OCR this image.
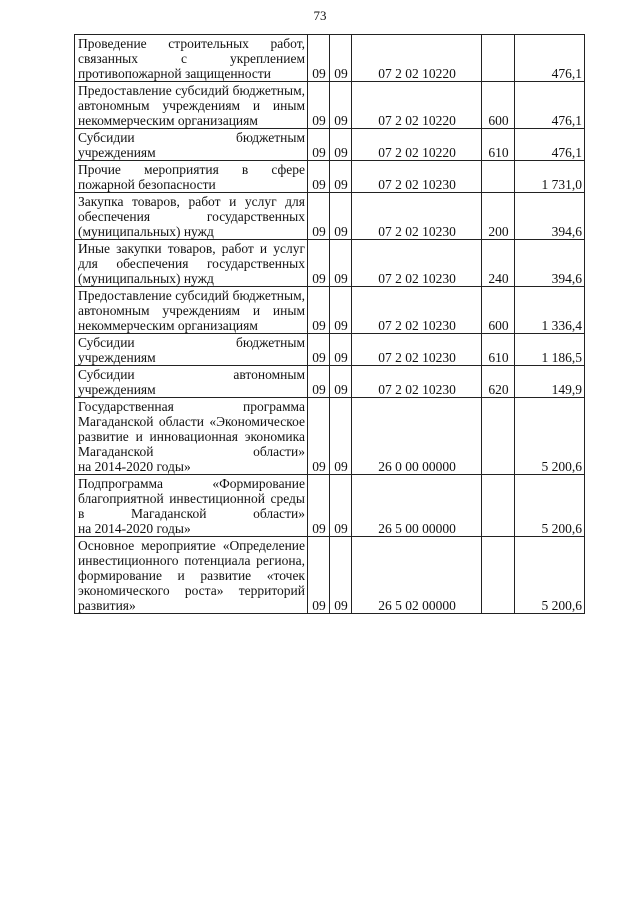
73
Проведение строительных работ, связанных с укреплением
противопожарной защищенности	09	09	07 2 02 10220		476,1
Предоставление субсидий бюджетным, автономным учреждениям и иным
некоммерческим организациям	09	09	07 2 02 10220	600	476,1
Субсидии бюджетным
учреждениям	09	09	07 2 02 10220	610	476,1
Прочие мероприятия в сфере
пожарной безопасности	09	09	07 2 02 10230		1 731,0
Закупка товаров, работ и услуг для обеспечения государственных
(муниципальных) нужд	09	09	07 2 02 10230	200	394,6
Иные закупки товаров, работ и услуг для обеспечения государственных
(муниципальных) нужд	09	09	07 2 02 10230	240	394,6
Предоставление субсидий бюджетным, автономным учреждениям и иным
некоммерческим организациям	09	09	07 2 02 10230	600	1 336,4
Субсидии бюджетным
учреждениям	09	09	07 2 02 10230	610	1 186,5
Субсидии автономным
учреждениям	09	09	07 2 02 10230	620	149,9
Государственная программа Магаданской области «Экономическое развитие и инновационная экономика Магаданской области»
на 2014-2020 годы»	09	09	26 0 00 00000		5 200,6
Подпрограмма «Формирование благоприятной инвестиционной среды в Магаданской области»
на 2014-2020 годы»	09	09	26 5 00 00000		5 200,6
Основное мероприятие «Определение инвестиционного потенциала региона, формирование и развитие «точек экономического роста» территорий
развития»	09	09	26 5 02 00000		5 200,6
